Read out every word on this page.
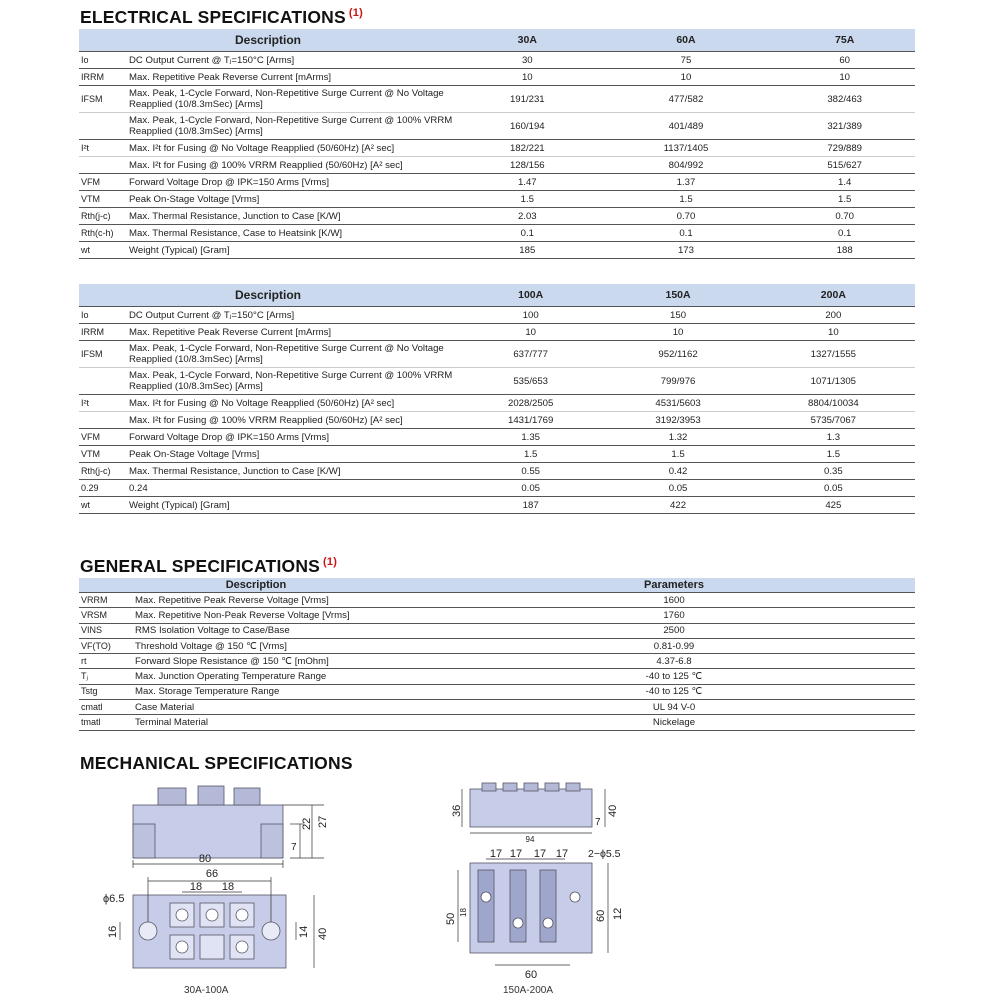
ELECTRICAL SPECIFICATIONS $^{(1)}$
Description		30A	60A	75A
Io	DC Output Current @ Tⱼ=150°C [Arms]	30	75	60
IRRM	Max. Repetitive Peak Reverse Current [mArms]	10	10	10
IFSM	Max. Peak, 1-Cycle Forward, Non-Repetitive Surge Current @ No Voltage Reapplied (10/8.3mSec) [Arms]	191/231	477/582	382/463
	Max. Peak, 1-Cycle Forward, Non-Repetitive Surge Current @ 100% VRRM Reapplied (10/8.3mSec) [Arms]	160/194	401/489	321/389
I²t	Max. I²t for Fusing @ No Voltage Reapplied (50/60Hz) [A² sec]	182/221	1137/1405	729/889
	Max. I²t for Fusing @ 100% VRRM Reapplied (50/60Hz) [A² sec]	128/156	804/992	515/627
VFM	Forward Voltage Drop @ IPK=150 Arms [Vrms]	1.47	1.37	1.4
VTM	Peak On-Stage Voltage [Vrms]	1.5	1.5	1.5
Rth(j-c)	Max. Thermal Resistance, Junction to Case [K/W]	2.03	0.70	0.70
Rth(c-h)	Max. Thermal Resistance, Case to Heatsink [K/W]	0.1	0.1	0.1
wt	Weight (Typical) [Gram]	185	173	188
Description		100A	150A	200A
Io	DC Output Current @ Tⱼ=150°C [Arms]	100	150	200
IRRM	Max. Repetitive Peak Reverse Current [mArms]	10	10	10
IFSM	Max. Peak, 1-Cycle Forward, Non-Repetitive Surge Current @ No Voltage Reapplied (10/8.3mSec) [Arms]	637/777	952/1162	1327/1555
	Max. Peak, 1-Cycle Forward, Non-Repetitive Surge Current @ 100% VRRM Reapplied (10/8.3mSec) [Arms]	535/653	799/976	1071/1305
I²t	Max. I²t for Fusing @ No Voltage Reapplied (50/60Hz) [A² sec]	2028/2505	4531/5603	8804/10034
	Max. I²t for Fusing @ 100% VRRM Reapplied (50/60Hz) [A² sec]	1431/1769	3192/3953	5735/7067
VFM	Forward Voltage Drop @ IPK=150 Arms [Vrms]	1.35	1.32	1.3
VTM	Peak On-Stage Voltage [Vrms]	1.5	1.5	1.5
Rth(j-c)	Max. Thermal Resistance, Junction to Case [K/W]	0.55	0.42	0.35
0.29	0.24	0.05	0.05	0.05
wt	Weight (Typical) [Gram]	187	422	425
GENERAL SPECIFICATIONS $^{(1)}$
Description		Parameters
VRRM	Max. Repetitive Peak Reverse Voltage [Vrms]	1600
VRSM	Max. Repetitive Non-Peak Reverse Voltage [Vrms]	1760
VINS	RMS Isolation Voltage to Case/Base	2500
VF(TO)	Threshold Voltage @ 150 ℃ [Vrms]	0.81-0.99
rt	Forward Slope Resistance @ 150 ℃ [mOhm]	4.37-6.8
Tⱼ	Max. Junction Operating Temperature Range	-40 to 125 ℃
Tstg	Max. Storage Temperature Range	-40 to 125 ℃
cmatl	Case Material	UL 94 V-0
tmatl	Terminal Material	Nickelage
MECHANICAL SPECIFICATIONS
80
22 27
7
66
18 18
ϕ6.5
16	14 40
30A-100A
36	40
7
94
17 17 17 17 2−ϕ5.5
50
18	60 12
60
150A-200A
